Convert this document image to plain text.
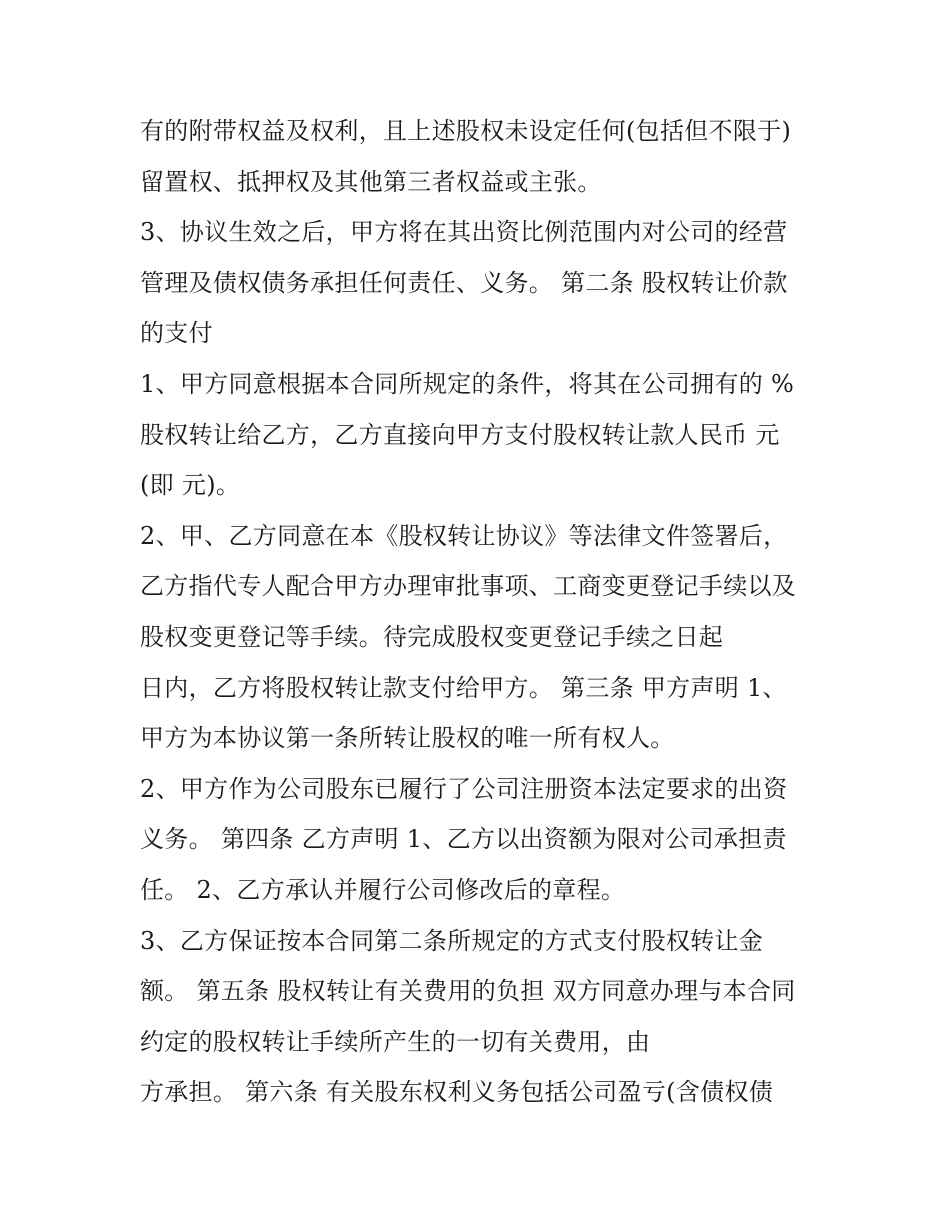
有的附带权益及权利，且上述股权未设定任何(包括但不限于)
留置权、抵押权及其他第三者权益或主张。
3、协议生效之后，甲方将在其出资比例范围内对公司的经营
管理及债权债务承担任何责任、义务。 第二条 股权转让价款
的支付
1、甲方同意根据本合同所规定的条件，将其在公司拥有的 %
股权转让给乙方，乙方直接向甲方支付股权转让款人民币 元
(即 元)。
2、甲、乙方同意在本《股权转让协议》等法律文件签署后，
乙方指代专人配合甲方办理审批事项、工商变更登记手续以及
股权变更登记等手续。待完成股权变更登记手续之日起
日内，乙方将股权转让款支付给甲方。 第三条 甲方声明 1、
甲方为本协议第一条所转让股权的唯一所有权人。
2、甲方作为公司股东已履行了公司注册资本法定要求的出资
义务。 第四条 乙方声明 1、乙方以出资额为限对公司承担责
任。 2、乙方承认并履行公司修改后的章程。
3、乙方保证按本合同第二条所规定的方式支付股权转让金
额。 第五条 股权转让有关费用的负担 双方同意办理与本合同
约定的股权转让手续所产生的一切有关费用，由
方承担。 第六条 有关股东权利义务包括公司盈亏(含债权债
